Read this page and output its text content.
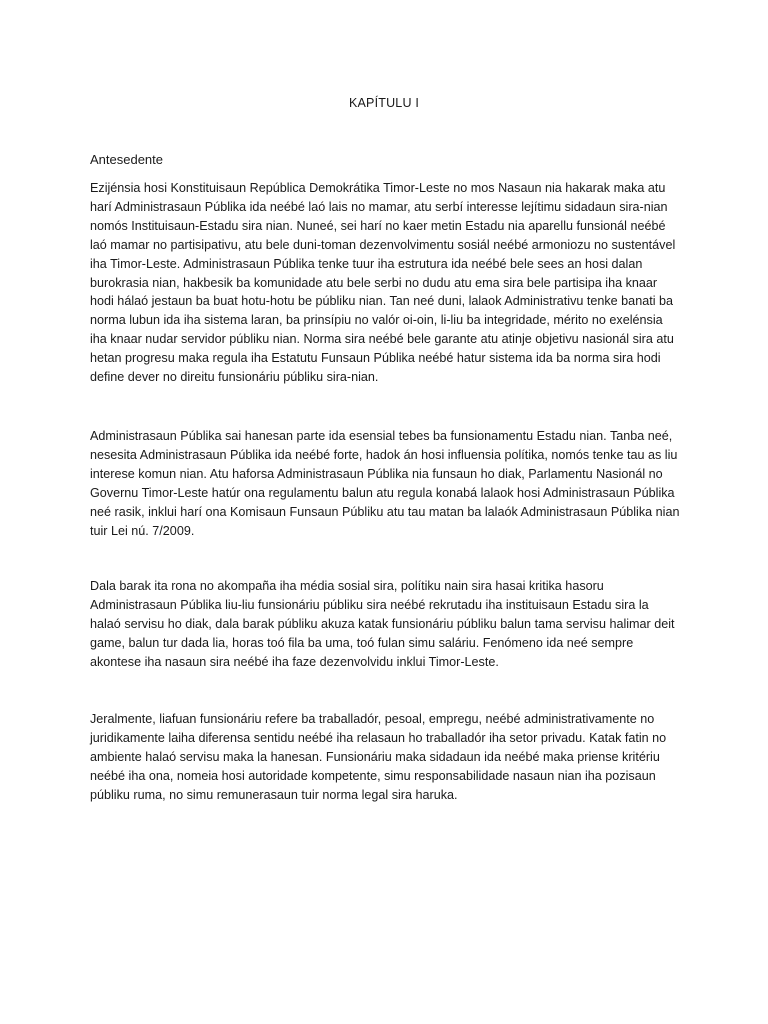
KAPÍTULU I
Antesedente

Ezijénsia hosi Konstituisaun República Demokrátika Timor-Leste no mos Nasaun nia hakarak maka atu harí Administrasaun Públika ida neébé laó lais no mamar, atu serbí interesse lejítimu sidadaun sira-nian nomós Instituisaun-Estadu sira nian. Nuneé, sei harí no kaer metin Estadu nia aparellu funsionál neébé laó mamar no partisipativu, atu bele duni-toman dezenvolvimentu sosiál neébé armoniozu no sustentável iha Timor-Leste. Administrasaun Públika tenke tuur iha estrutura ida neébé bele sees an hosi dalan burokrasia nian, hakbesik ba komunidade atu bele serbi no dudu atu ema sira bele partisipa iha knaar hodi hálaó jestaun ba buat hotu-hotu be públiku nian. Tan neé duni, lalaok Administrativu tenke banati ba norma lubun ida iha sistema laran, ba prinsípiu no valór oi-oin, li-liu ba integridade, mérito no exelénsia iha knaar nudar servidor públiku nian. Norma sira neébé bele garante atu atinje objetivu nasionál sira atu hetan progresu maka regula iha Estatutu Funsaun Públika neébé hatur sistema ida ba norma sira hodi define dever no direitu funsionáriu públiku sira-nian.

Administrasaun Públika sai hanesan parte ida esensial tebes ba funsionamentu Estadu nian. Tanba neé, nesesita Administrasaun Públika ida neébé forte, hadok án hosi influensia polítika, nomós tenke tau as liu interese komun nian. Atu haforsa Administrasaun Públika nia funsaun ho diak, Parlamentu Nasionál no Governu Timor-Leste hatúr ona regulamentu balun atu regula konabá lalaok hosi Administrasaun Públika neé rasik, inklui harí ona Komisaun Funsaun Públiku atu tau matan ba lalaók Administrasaun Públika nian tuir Lei nú. 7/2009.

Dala barak ita rona no akompaña iha média sosial sira, polítiku nain sira hasai kritika hasoru Administrasaun Públika liu-liu funsionáriu públiku sira neébé rekrutadu iha instituisaun Estadu sira la halaó servisu ho diak, dala barak públiku akuza katak funsionáriu públiku balun tama servisu halimar deit game, balun tur dada lia, horas toó fila ba uma, toó fulan simu saláriu. Fenómeno ida neé sempre akontese iha nasaun sira neébé iha faze dezenvolvidu inklui Timor-Leste.

Jeralmente, liafuan funsionáriu refere ba traballadór, pesoal, empregu, neébé administrativamente no juridikamente laiha diferensa sentidu neébé iha relasaun ho traballadór iha setor privadu. Katak fatin no ambiente halaó servisu maka la hanesan. Funsionáriu maka sidadaun ida neébé maka priense kritériu neébé iha ona, nomeia hosi autoridade kompetente, simu responsabilidade nasaun nian iha pozisaun públiku ruma, no simu remunerasaun tuir norma legal sira haruka.
